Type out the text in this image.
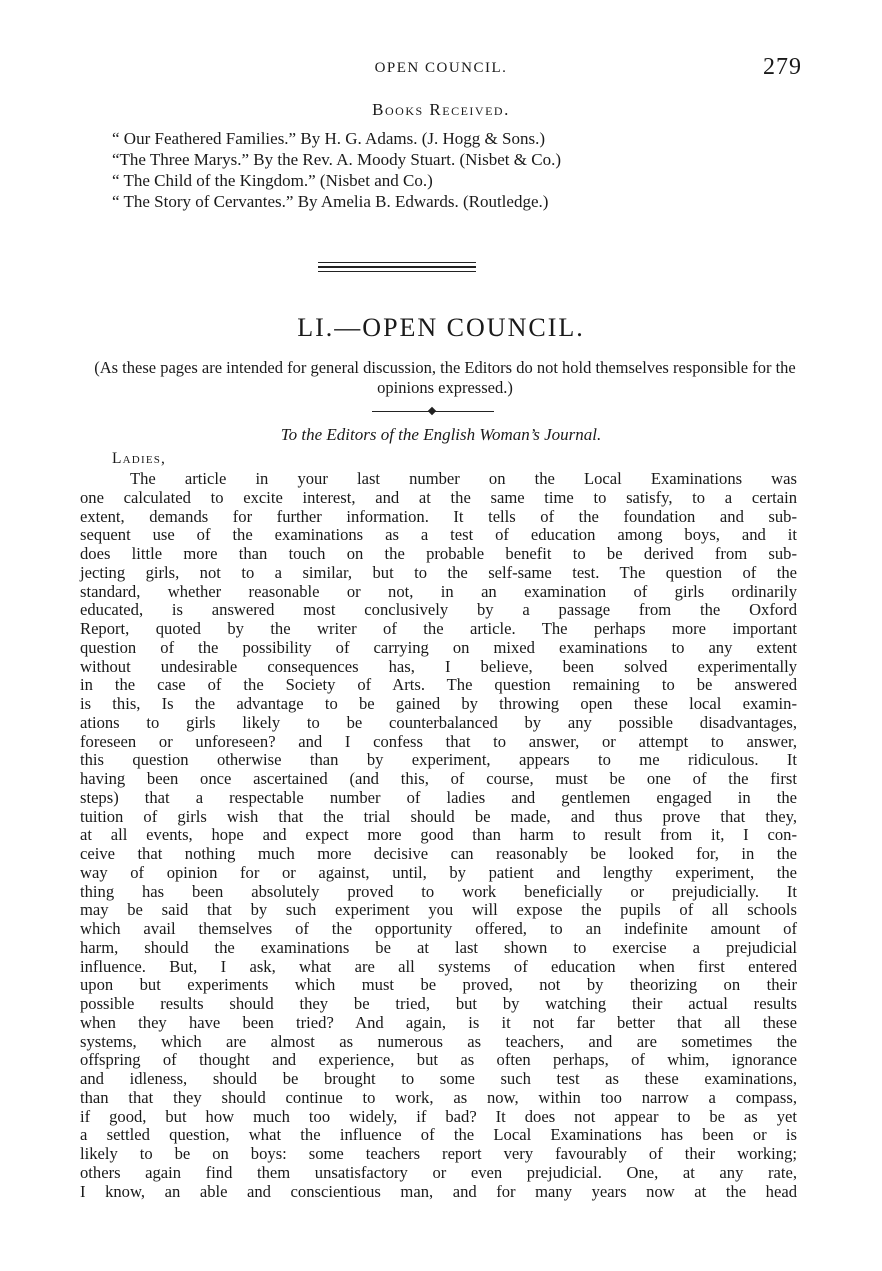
OPEN COUNCIL.	279
Books Received.
“ Our Feathered Families.” By H. G. Adams. (J. Hogg & Sons.)
“The Three Marys.” By the Rev. A. Moody Stuart. (Nisbet & Co.)
“ The Child of the Kingdom.” (Nisbet and Co.)
“ The Story of Cervantes.” By Amelia B. Edwards. (Routledge.)
LI.—OPEN COUNCIL.
(As these pages are intended for general discussion, the Editors do not hold themselves responsible for the opinions expressed.)
To the Editors of the English Woman’s Journal.
Ladies,
The article in your last number on the Local Examinations was
one calculated to excite interest, and at the same time to satisfy, to a certain
extent, demands for further information. It tells of the foundation and sub-
sequent use of the examinations as a test of education among boys, and it
does little more than touch on the probable benefit to be derived from sub-
jecting girls, not to a similar, but to the self-same test. The question of the
standard, whether reasonable or not, in an examination of girls ordinarily
educated, is answered most conclusively by a passage from the Oxford
Report, quoted by the writer of the article. The perhaps more important
question of the possibility of carrying on mixed examinations to any extent
without undesirable consequences has, I believe, been solved experimentally
in the case of the Society of Arts. The question remaining to be answered
is this, Is the advantage to be gained by throwing open these local examin-
ations to girls likely to be counterbalanced by any possible disadvantages,
foreseen or unforeseen? and I confess that to answer, or attempt to answer,
this question otherwise than by experiment, appears to me ridiculous. It
having been once ascertained (and this, of course, must be one of the first
steps) that a respectable number of ladies and gentlemen engaged in the
tuition of girls wish that the trial should be made, and thus prove that they,
at all events, hope and expect more good than harm to result from it, I con-
ceive that nothing much more decisive can reasonably be looked for, in the
way of opinion for or against, until, by patient and lengthy experiment, the
thing has been absolutely proved to work beneficially or prejudicially. It
may be said that by such experiment you will expose the pupils of all schools
which avail themselves of the opportunity offered, to an indefinite amount of
harm, should the examinations be at last shown to exercise a prejudicial
influence. But, I ask, what are all systems of education when first entered
upon but experiments which must be proved, not by theorizing on their
possible results should they be tried, but by watching their actual results
when they have been tried? And again, is it not far better that all these
systems, which are almost as numerous as teachers, and are sometimes the
offspring of thought and experience, but as often perhaps, of whim, ignorance
and idleness, should be brought to some such test as these examinations,
than that they should continue to work, as now, within too narrow a compass,
if good, but how much too widely, if bad? It does not appear to be as yet
a settled question, what the influence of the Local Examinations has been or is
likely to be on boys: some teachers report very favourably of their working;
others again find them unsatisfactory or even prejudicial. One, at any rate,
I know, an able and conscientious man, and for many years now at the head
